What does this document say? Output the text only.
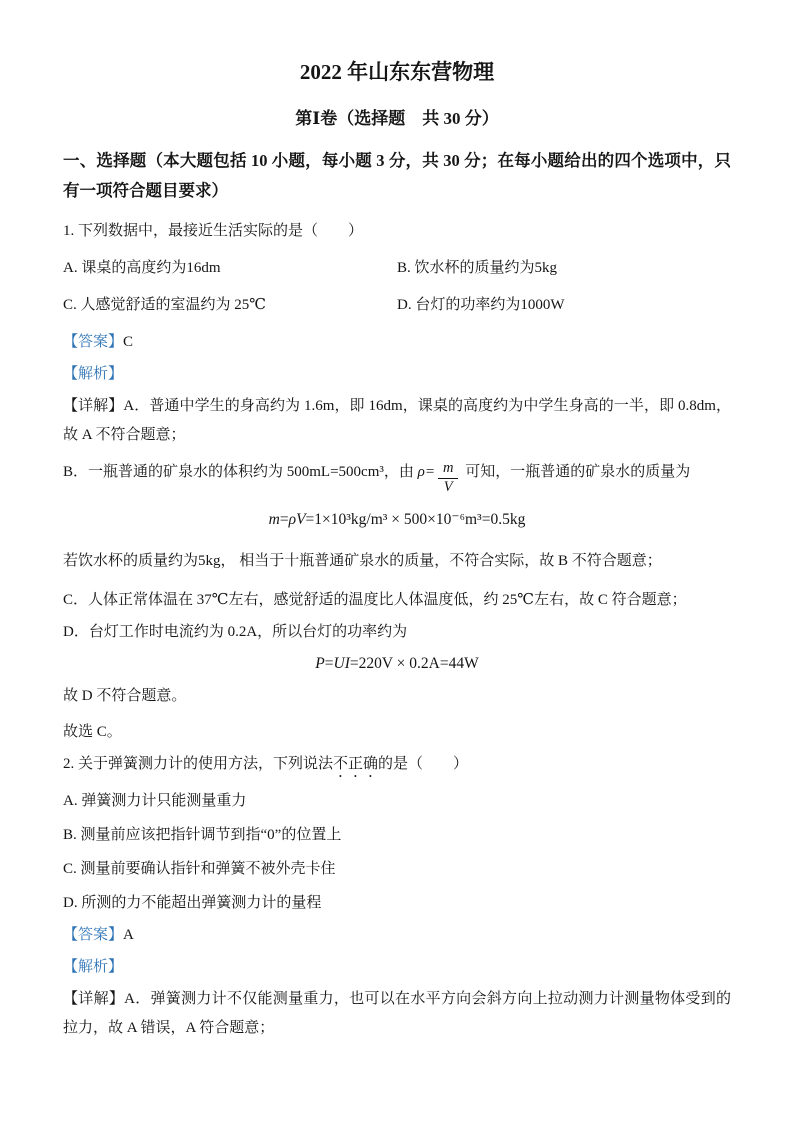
2022 年山东东营物理
第Ⅰ卷（选择题　共 30 分）
一、选择题（本大题包括 10 小题，每小题 3 分，共 30 分；在每小题给出的四个选项中，只有一项符合题目要求）

1. 下列数据中，最接近生活实际的是（　　）

A. 课桌的高度约为16dm	B. 饮水杯的质量约为5kg
C. 人感觉舒适的室温约为 25℃	D. 台灯的功率约为1000W

【答案】C

【解析】

【详解】A．普通中学生的身高约为 1.6m，即 16dm，课桌的高度约为中学生身高的一半，即 0.8dm，故 A 不符合题意；

B．一瓶普通的矿泉水的体积约为 500mL=500cm³，由 $\rho= \frac{m}{V}$ 可知，一瓶普通的矿泉水的质量为

m=ρV=1×10³kg/m³ × 500×10⁻⁶m³=0.5kg

若饮水杯的质量约为5kg， 相当于十瓶普通矿泉水的质量，不符合实际，故 B 不符合题意；

C．人体正常体温在 37℃左右，感觉舒适的温度比人体温度低，约 25℃左右，故 C 符合题意；

D．台灯工作时电流约为 0.2A，所以台灯的功率约为

P=UI=220V × 0.2A=44W

故 D 不符合题意。

故选 C。

2. 关于弹簧测力计的使用方法，下列说法不正确的是（　　）

A. 弹簧测力计只能测量重力

B. 测量前应该把指针调节到指“0”的位置上

C. 测量前要确认指针和弹簧不被外壳卡住

D. 所测的力不能超出弹簧测力计的量程

【答案】A

【解析】

【详解】A．弹簧测力计不仅能测量重力，也可以在水平方向会斜方向上拉动测力计测量物体受到的拉力，故 A 错误，A 符合题意；
